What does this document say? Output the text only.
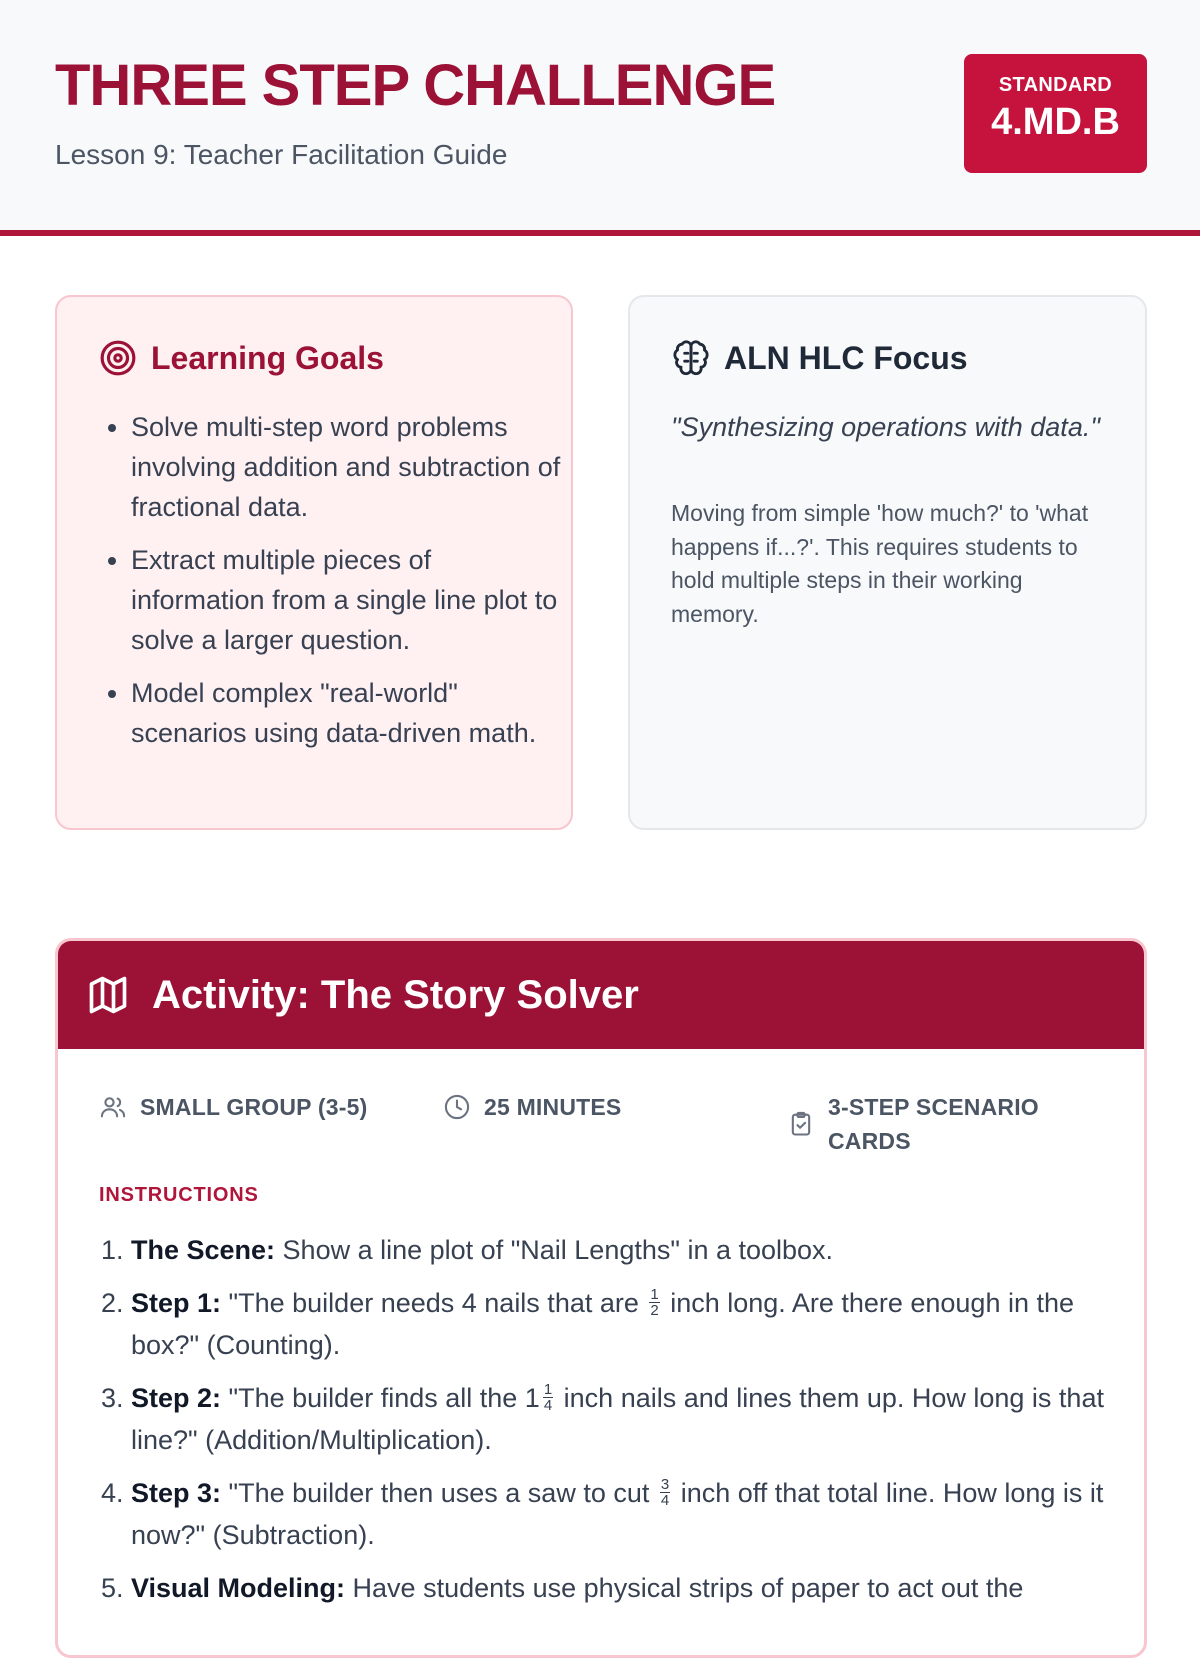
THREE STEP CHALLENGE
Lesson 9: Teacher Facilitation Guide
STANDARD
4.MD.B
Learning Goals
• Solve multi-step word problems involving addition and subtraction of fractional data.
• Extract multiple pieces of information from a single line plot to solve a larger question.
• Model complex "real-world" scenarios using data-driven math.
ALN HLC Focus
"Synthesizing operations with data."
Moving from simple 'how much?' to 'what happens if...?'. This requires students to hold multiple steps in their working memory.
Activity: The Story Solver
SMALL GROUP (3-5)	25 MINUTES	3-STEP SCENARIO CARDS
INSTRUCTIONS
1. The Scene: Show a line plot of "Nail Lengths" in a toolbox.
2. Step 1: "The builder needs 4 nails that are $\frac{1}{2}$ inch long. Are there enough in the box?" (Counting).
3. Step 2: "The builder finds all the $1 \frac{1}{4}$ inch nails and lines them up. How long is that line?" (Addition/Multiplication).
4. Step 3: "The builder then uses a saw to cut $\frac{3}{4}$ inch off that total line. How long is it now?" (Subtraction).
5. Visual Modeling: Have students use physical strips of paper to act out the
